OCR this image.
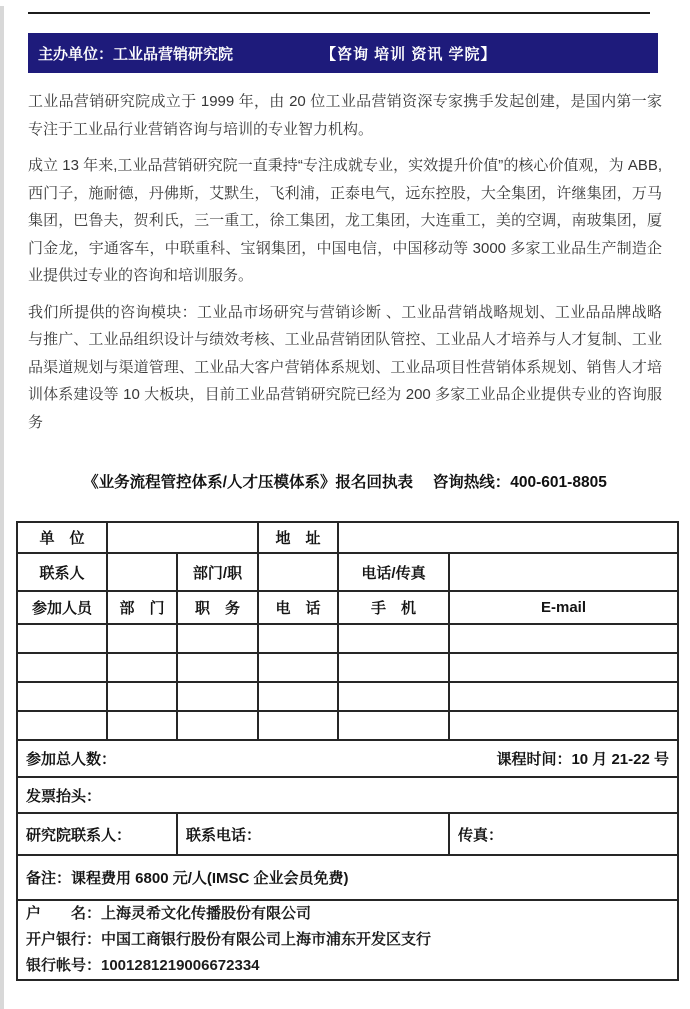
主办单位：工业品营销研究院	【咨询 培训 资讯 学院】

工业品营销研究院成立于 1999 年，由 20 位工业品营销资深专家携手发起创建，是国内第一家专注于工业品行业营销咨询与培训的专业智力机构。

成立 13 年来,工业品营销研究院一直秉持“专注成就专业，实效提升价值”的核心价值观，为 ABB,西门子，施耐德，丹佛斯，艾默生，飞利浦，正泰电气，远东控股，大全集团，许继集团，万马集团，巴鲁夫，贺利氏，三一重工，徐工集团，龙工集团，大连重工，美的空调，南玻集团，厦门金龙，宇通客车，中联重科、宝钢集团，中国电信，中国移动等 3000 多家工业品生产制造企业提供过专业的咨询和培训服务。

我们所提供的咨询模块：工业品市场研究与营销诊断 、工业品营销战略规划、工业品品牌战略与推广、工业品组织设计与绩效考核、工业品营销团队管控、工业品人才培养与人才复制、工业品渠道规划与渠道管理、工业品大客户营销体系规划、工业品项目性营销体系规划、销售人才培训体系建设等 10 大板块，目前工业品营销研究院已经为 200 多家工业品企业提供专业的咨询服务

《业务流程管控体系/人才压模体系》报名回执表　 咨询热线：400-601-8805
单　位			地　址		
联系人		部门/职		电话/传真	
参加人员	部　门	职　务	电　话	手　机	E-mail

参加总人数： 课程时间：10 月 21-22 号					

发票抬头：					
研究院联系人：		联系电话：			传真：
备注：课程费用 6800 元/人(IMSC 企业会员免费)					

户　　名：上海灵希文化传播股份有限公司
开户银行：中国工商银行股份有限公司上海市浦东开发区支行
银行帐号：1001281219006672334					
